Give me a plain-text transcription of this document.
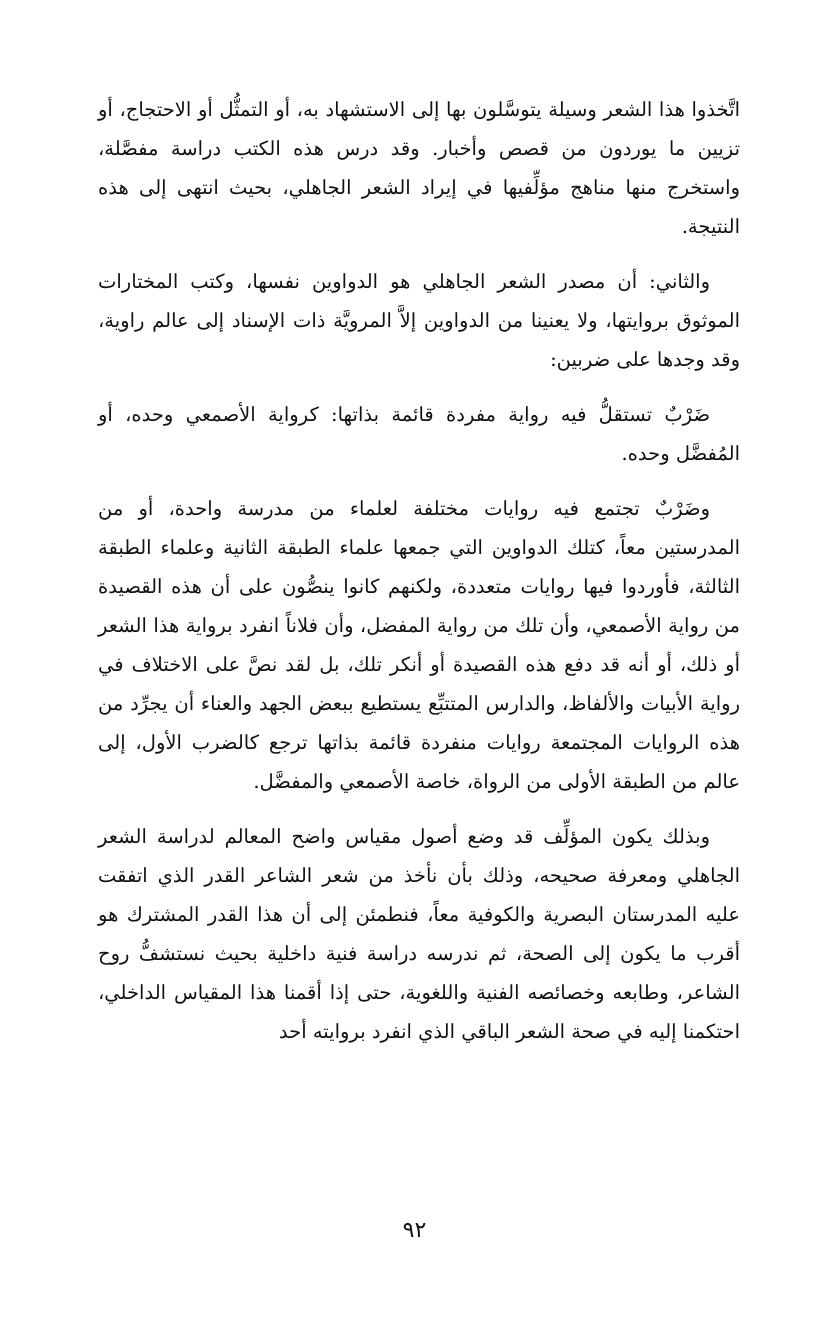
اتَّخذوا هذا الشعر وسيلة يتوسَّلون بها إلى الاستشهاد به، أو التمثُّل أو الاحتجاج، أو تزيين ما يوردون من قصص وأخبار. وقد درس هذه الكتب دراسة مفصَّلة، واستخرج منها مناهج مؤلِّفيها في إيراد الشعر الجاهلي، بحيث انتهى إلى هذه النتيجة.

والثاني: أن مصدر الشعر الجاهلي هو الدواوين نفسها، وكتب المختارات الموثوق بروايتها، ولا يعنينا من الدواوين إلاَّ المرويَّة ذات الإسناد إلى عالم راوية، وقد وجدها على ضربين:

ضَرْبٌ تستقلُّ فيه رواية مفردة قائمة بذاتها: كرواية الأصمعي وحده، أو المُفضَّل وحده.

وضَرْبٌ تجتمع فيه روايات مختلفة لعلماء من مدرسة واحدة، أو من المدرستين معاً، كتلك الدواوين التي جمعها علماء الطبقة الثانية وعلماء الطبقة الثالثة، فأوردوا فيها روايات متعددة، ولكنهم كانوا ينصُّون على أن هذه القصيدة من رواية الأصمعي، وأن تلك من رواية المفضل، وأن فلاناً انفرد برواية هذا الشعر أو ذلك، أو أنه قد دفع هذه القصيدة أو أنكر تلك، بل لقد نصَّ على الاختلاف في رواية الأبيات والألفاظ، والدارس المتتبِّع يستطيع ببعض الجهد والعناء أن يجرِّد من هذه الروايات المجتمعة روايات منفردة قائمة بذاتها ترجع كالضرب الأول، إلى عالم من الطبقة الأولى من الرواة، خاصة الأصمعي والمفضَّل.

وبذلك يكون المؤلِّف قد وضع أصول مقياس واضح المعالم لدراسة الشعر الجاهلي ومعرفة صحيحه، وذلك بأن نأخذ من شعر الشاعر القدر الذي اتفقت عليه المدرستان البصرية والكوفية معاً، فنطمئن إلى أن هذا القدر المشترك هو أقرب ما يكون إلى الصحة، ثم ندرسه دراسة فنية داخلية بحيث نستشفُّ روح الشاعر، وطابعه وخصائصه الفنية واللغوية، حتى إذا أقمنا هذا المقياس الداخلي، احتكمنا إليه في صحة الشعر الباقي الذي انفرد بروايته أحد

٩٢
